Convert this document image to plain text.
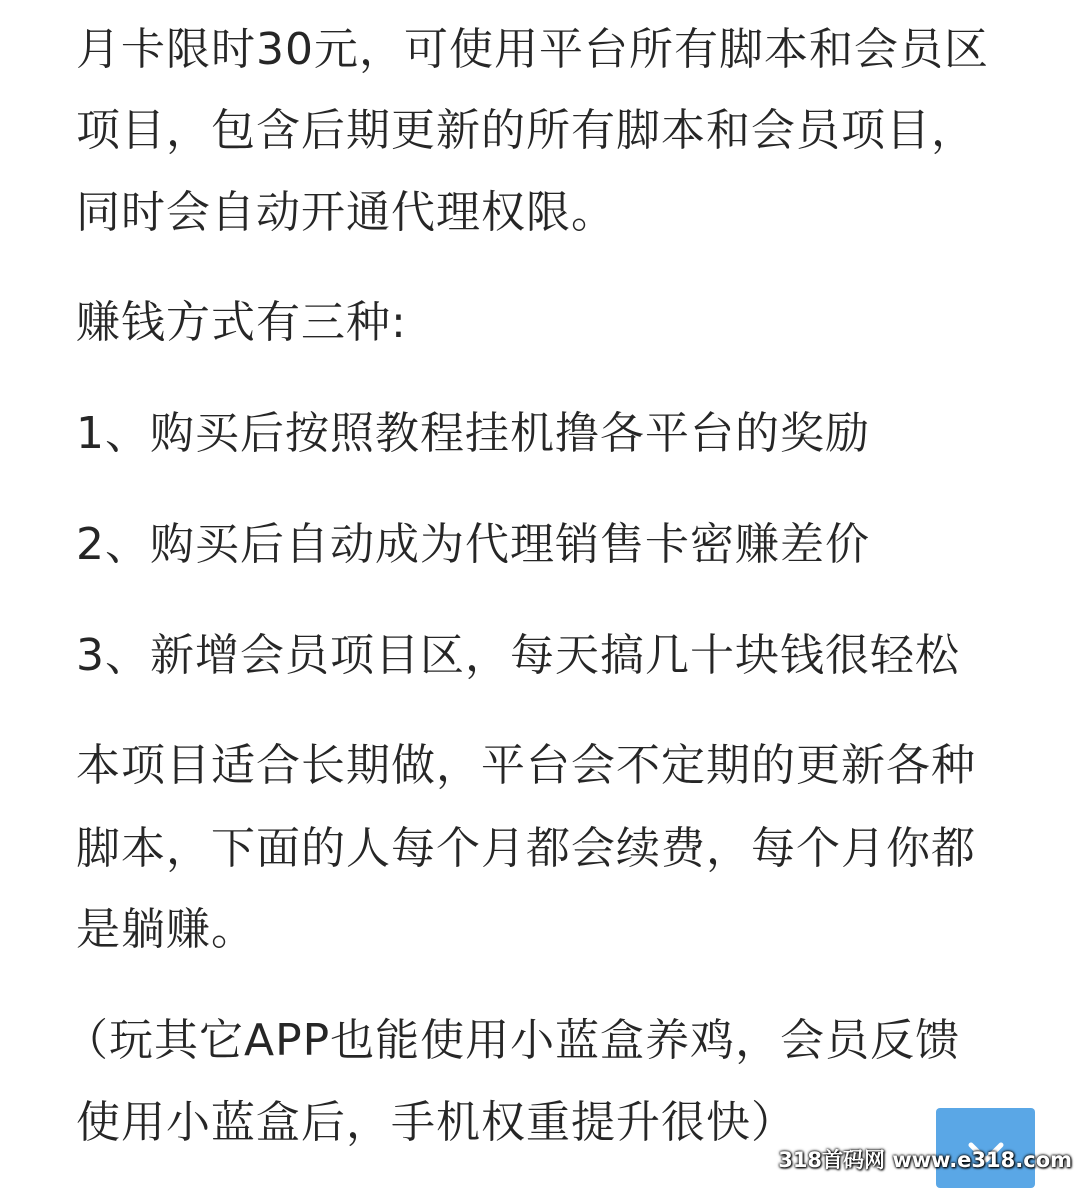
月卡限时30元，可使用平台所有脚本和会员区
项目，包含后期更新的所有脚本和会员项目，
同时会自动开通代理权限。
赚钱方式有三种:
1、购买后按照教程挂机撸各平台的奖励
2、购买后自动成为代理销售卡密赚差价
3、新增会员项目区，每天搞几十块钱很轻松
本项目适合长期做，平台会不定期的更新各种
脚本，下面的人每个月都会续费，每个月你都
是躺赚。
（玩其它APP也能使用小蓝盒养鸡，会员反馈
使用小蓝盒后，手机权重提升很快）
318首码网 www.e318.com
